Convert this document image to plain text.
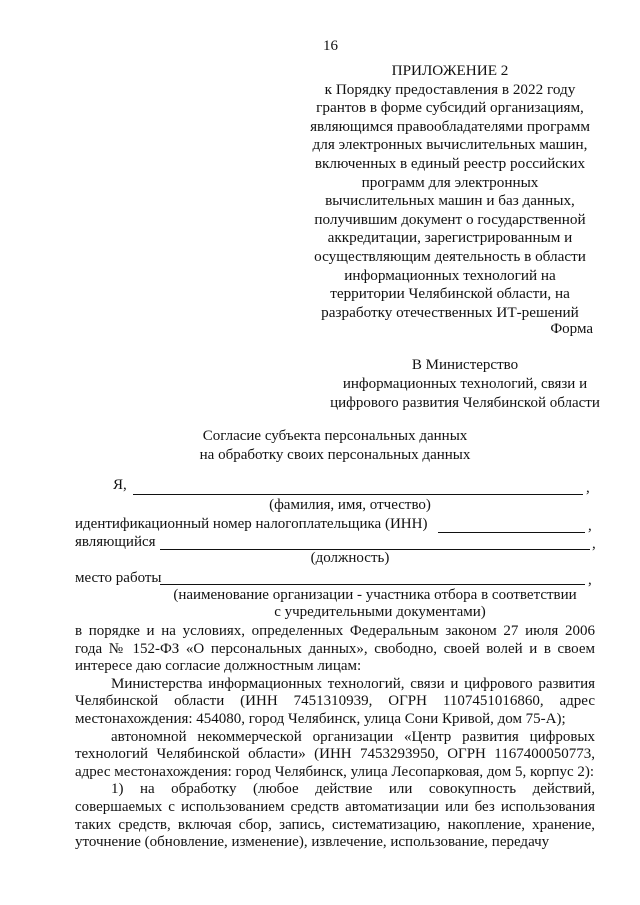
16
ПРИЛОЖЕНИЕ 2
к Порядку предоставления в 2022 году
грантов в форме субсидий организациям,
являющимся правообладателями программ
для электронных вычислительных машин,
включенных в единый реестр российских
программ для электронных
вычислительных машин и баз данных,
получившим документ о государственной
аккредитации, зарегистрированным и
осуществляющим деятельность в области
информационных технологий на
территории Челябинской области, на
разработку отечественных ИТ-решений
Форма
В Министерство
информационных технологий, связи и
цифрового развития Челябинской области
Согласие субъекта персональных данных
на обработку своих персональных данных
Я,	,
(фамилия, имя, отчество)
идентификационный номер налогоплательщика (ИНН)	,
являющийся	,
(должность)
место работы	,
(наименование организации - участника отбора в соответствии
с учредительными документами)

в порядке и на условиях, определенных Федеральным законом 27 июля 2006 года № 152-ФЗ «О персональных данных», свободно, своей волей и в своем интересе даю согласие должностным лицам:

Министерства информационных технологий, связи и цифрового развития Челябинской области (ИНН 7451310939, ОГРН 1107451016860, адрес местонахождения: 454080, город Челябинск, улица Сони Кривой, дом 75-А);

автономной некоммерческой организации «Центр развития цифровых технологий Челябинской области» (ИНН 7453293950, ОГРН 1167400050773, адрес местонахождения: город Челябинск, улица Лесопарковая, дом 5, корпус 2):

1) на обработку (любое действие или совокупность действий, совершаемых с использованием средств автоматизации или без использования таких средств, включая сбор, запись, систематизацию, накопление, хранение, уточнение (обновление, изменение), извлечение, использование, передачу
